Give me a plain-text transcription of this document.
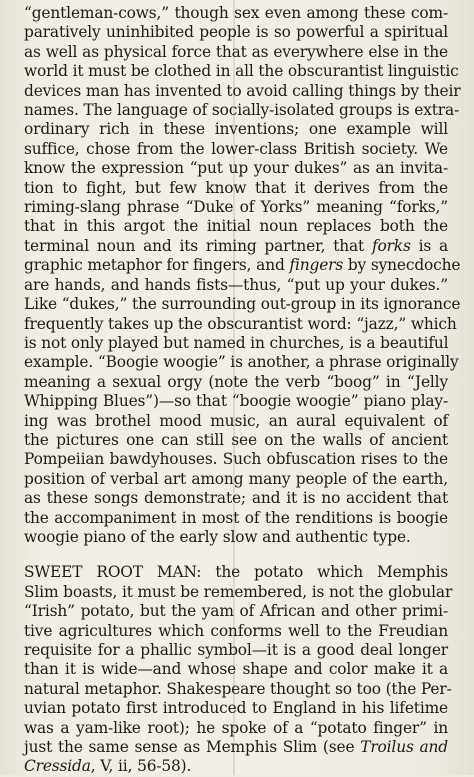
“gentleman-cows,” though sex even among these com-
paratively uninhibited people is so powerful a spiritual
as well as physical force that as everywhere else in the
world it must be clothed in all the obscurantist linguistic
devices man has invented to avoid calling things by their
names. The language of socially-isolated groups is extra-
ordinary rich in these inventions; one example will
suffice, chose from the lower-class British society. We
know the expression “put up your dukes” as an invita-
tion to fight, but few know that it derives from the
riming-slang phrase “Duke of Yorks” meaning “forks,”
that in this argot the initial noun replaces both the
terminal noun and its riming partner, that forks is a
graphic metaphor for fingers, and fingers by synecdoche
are hands, and hands fists—thus, “put up your dukes.”
Like “dukes,” the surrounding out-group in its ignorance
frequently takes up the obscurantist word: “jazz,” which
is not only played but named in churches, is a beautiful
example. “Boogie woogie” is another, a phrase originally
meaning a sexual orgy (note the verb “boog” in “Jelly
Whipping Blues”)—so that “boogie woogie” piano play-
ing was brothel mood music, an aural equivalent of
the pictures one can still see on the walls of ancient
Pompeiian bawdyhouses. Such obfuscation rises to the
position of verbal art among many people of the earth,
as these songs demonstrate; and it is no accident that
the accompaniment in most of the renditions is boogie
woogie piano of the early slow and authentic type.
SWEET ROOT MAN: the potato which Memphis
Slim boasts, it must be remembered, is not the globular
“Irish” potato, but the yam of African and other primi-
tive agricultures which conforms well to the Freudian
requisite for a phallic symbol—it is a good deal longer
than it is wide—and whose shape and color make it a
natural metaphor. Shakespeare thought so too (the Per-
uvian potato first introduced to England in his lifetime
was a yam-like root); he spoke of a “potato finger” in
just the same sense as Memphis Slim (see Troilus and
Cressida, V, ii, 56-58).
